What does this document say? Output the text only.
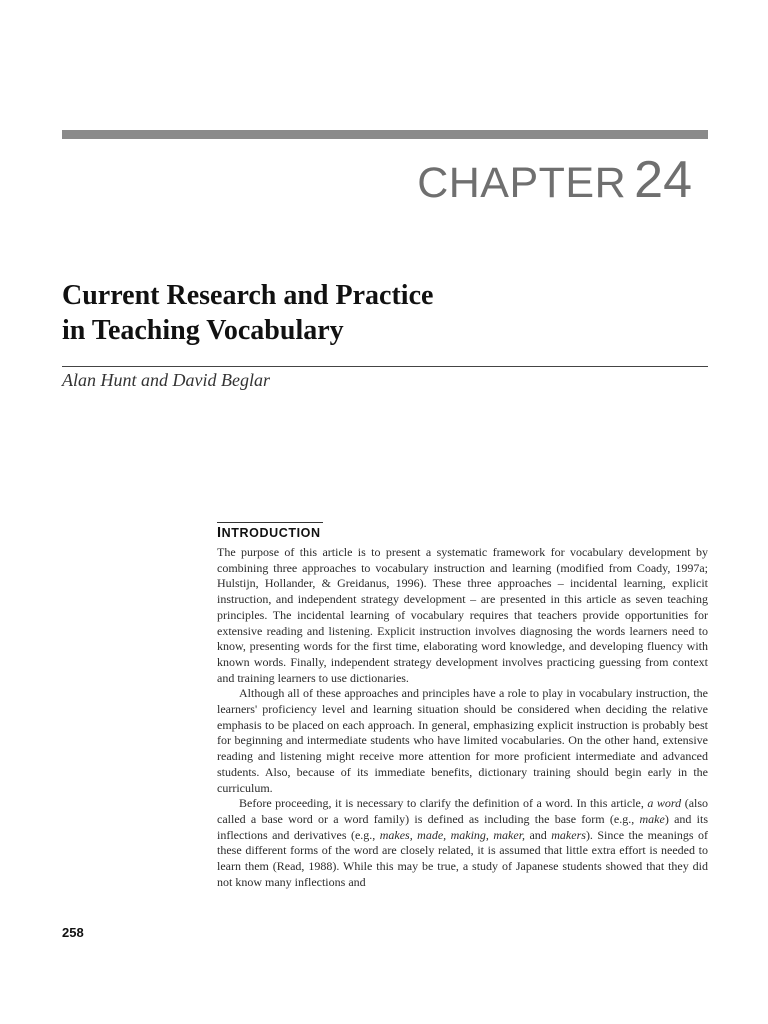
CHAPTER 24
Current Research and Practice
in Teaching Vocabulary
Alan Hunt and David Beglar
INTRODUCTION

The purpose of this article is to present a systematic framework for vocabulary development by combining three approaches to vocabulary instruction and learning (modified from Coady, 1997a; Hulstijn, Hollander, & Greidanus, 1996). These three approaches – incidental learning, explicit instruction, and independent strategy development – are presented in this article as seven teaching principles. The incidental learning of vocabulary requires that teachers provide opportunities for extensive reading and listening. Explicit instruction involves diagnosing the words learners need to know, presenting words for the first time, elaborating word knowledge, and developing fluency with known words. Finally, independent strategy development involves practicing guessing from context and training learners to use dictionaries.

Although all of these approaches and principles have a role to play in vocabulary instruction, the learners' proficiency level and learning situation should be considered when deciding the relative emphasis to be placed on each approach. In general, emphasizing explicit instruction is probably best for beginning and intermediate students who have limited vocabularies. On the other hand, extensive reading and listening might receive more attention for more proficient intermediate and advanced students. Also, because of its immediate benefits, dictionary training should begin early in the curriculum.

Before proceeding, it is necessary to clarify the definition of a word. In this article, a word (also called a base word or a word family) is defined as including the base form (e.g., make) and its inflections and derivatives (e.g., makes, made, making, maker, and makers). Since the meanings of these different forms of the word are closely related, it is assumed that little extra effort is needed to learn them (Read, 1988). While this may be true, a study of Japanese students showed that they did not know many inflections and

258
